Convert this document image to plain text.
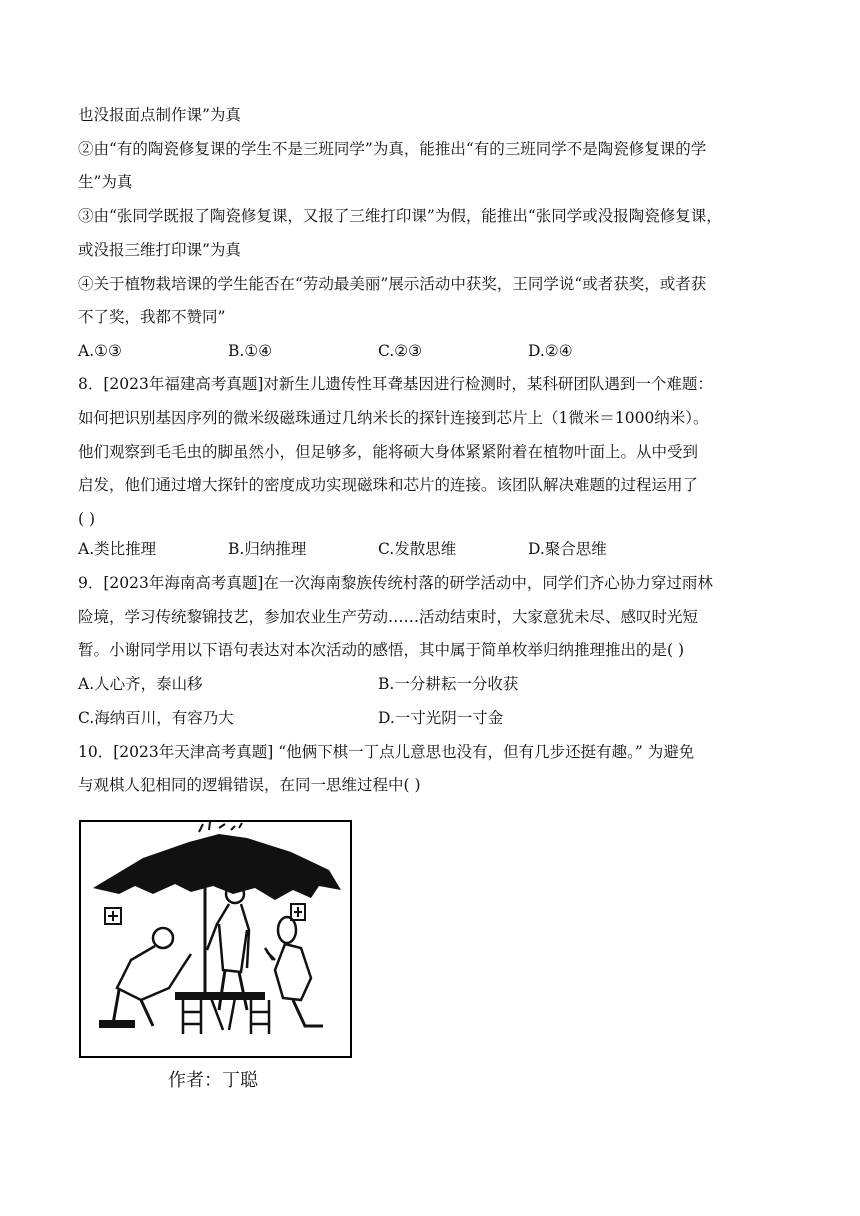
也没报面点制作课”为真
②由“有的陶瓷修复课的学生不是三班同学”为真，能推出“有的三班同学不是陶瓷修复课的学
生”为真
③由“张同学既报了陶瓷修复课，又报了三维打印课”为假，能推出“张同学或没报陶瓷修复课，
或没报三维打印课”为真
④关于植物栽培课的学生能否在“劳动最美丽”展示活动中获奖，王同学说“或者获奖，或者获
不了奖，我都不赞同”
A.①③	B.①④	C.②③	D.②④
8．[2023年福建高考真题]对新生儿遗传性耳聋基因进行检测时，某科研团队遇到一个难题：
如何把识别基因序列的微米级磁珠通过几纳米长的探针连接到芯片上（1微米＝1000纳米）。
他们观察到毛毛虫的脚虽然小，但足够多，能将硕大身体紧紧附着在植物叶面上。从中受到
启发，他们通过增大探针的密度成功实现磁珠和芯片的连接。该团队解决难题的过程运用了
( )
A.类比推理	B.归纳推理	C.发散思维	D.聚合思维
9．[2023年海南高考真题]在一次海南黎族传统村落的研学活动中，同学们齐心协力穿过雨林
险境，学习传统黎锦技艺，参加农业生产劳动……活动结束时，大家意犹未尽、感叹时光短
暂。小谢同学用以下语句表达对本次活动的感悟，其中属于简单枚举归纳推理推出的是( )
A.人心齐，泰山移	B.一分耕耘一分收获
C.海纳百川，有容乃大	D.一寸光阴一寸金
10．[2023年天津高考真题] “他俩下棋一丁点儿意思也没有，但有几步还挺有趣。” 为避免
与观棋人犯相同的逻辑错误，在同一思维过程中( )
作者：丁聪
